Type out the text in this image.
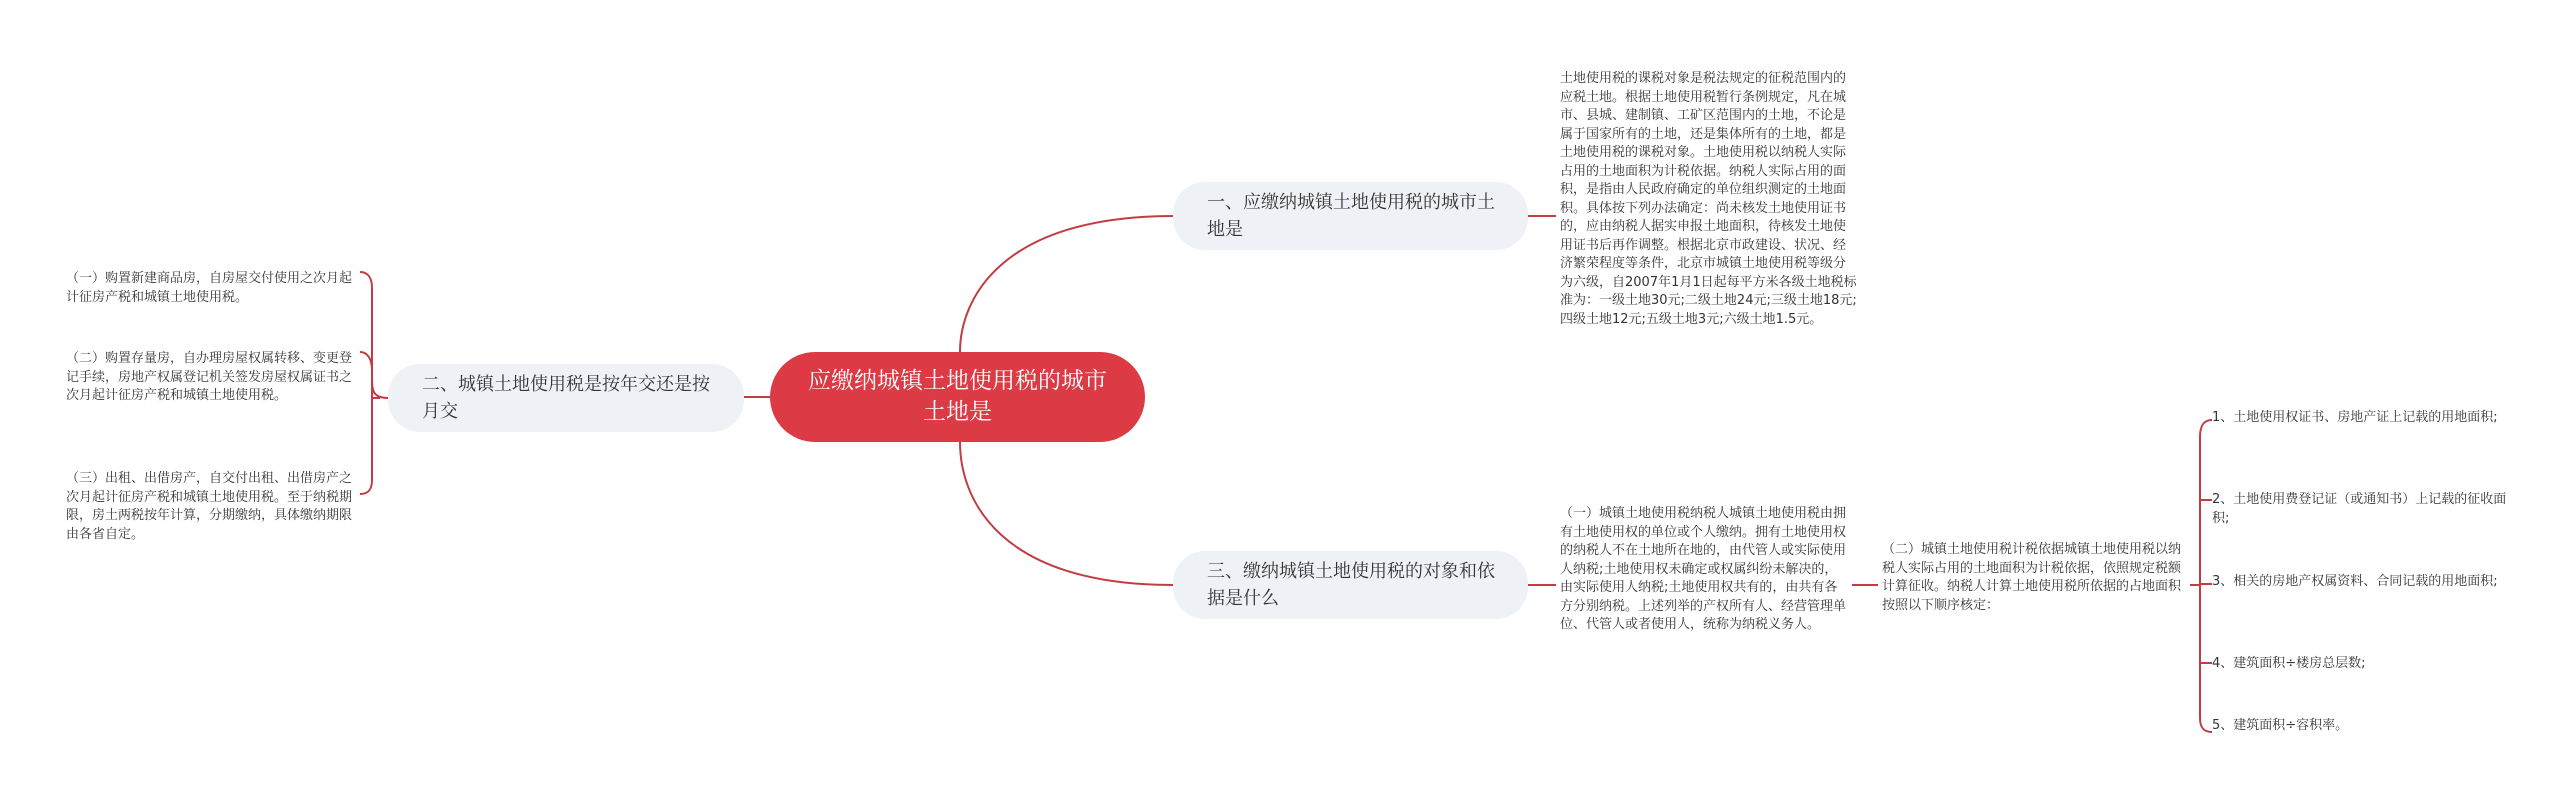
应缴纳城镇土地使用税的城市土地是
一、应缴纳城镇土地使用税的城市土地是
二、城镇土地使用税是按年交还是按月交
三、缴纳城镇土地使用税的对象和依据是什么
土地使用税的课税对象是税法规定的征税范围内的应税土地。根据土地使用税暂行条例规定，凡在城市、县城、建制镇、工矿区范围内的土地，不论是属于国家所有的土地，还是集体所有的土地，都是土地使用税的课税对象。土地使用税以纳税人实际占用的土地面积为计税依据。纳税人实际占用的面积，是指由人民政府确定的单位组织测定的土地面积。具体按下列办法确定：尚未核发土地使用证书的，应由纳税人据实申报土地面积，待核发土地使用证书后再作调整。根据北京市政建设、状况、经济繁荣程度等条件，北京市城镇土地使用税等级分为六级，自2007年1月1日起每平方米各级土地税标准为：一级土地30元;二级土地24元;三级土地18元;四级土地12元;五级土地3元;六级土地1.5元。
（一）购置新建商品房，自房屋交付使用之次月起计征房产税和城镇土地使用税。
（二）购置存量房，自办理房屋权属转移、变更登记手续，房地产权属登记机关签发房屋权属证书之次月起计征房产税和城镇土地使用税。
（三）出租、出借房产，自交付出租、出借房产之次月起计征房产税和城镇土地使用税。至于纳税期限，房土两税按年计算，分期缴纳，具体缴纳期限由各省自定。
（一）城镇土地使用税纳税人城镇土地使用税由拥有土地使用权的单位或个人缴纳。拥有土地使用权的纳税人不在土地所在地的，由代管人或实际使用人纳税;土地使用权未确定或权属纠纷未解决的，由实际使用人纳税;土地使用权共有的，由共有各方分别纳税。上述列举的产权所有人、经营管理单位、代管人或者使用人，统称为纳税义务人。
（二）城镇土地使用税计税依据城镇土地使用税以纳税人实际占用的土地面积为计税依据，依照规定税额计算征收。纳税人计算土地使用税所依据的占地面积按照以下顺序核定：
1、土地使用权证书、房地产证上记载的用地面积;
2、土地使用费登记证（或通知书）上记载的征收面积;
3、相关的房地产权属资料、合同记载的用地面积;
4、建筑面积÷楼房总层数;
5、建筑面积÷容积率。
